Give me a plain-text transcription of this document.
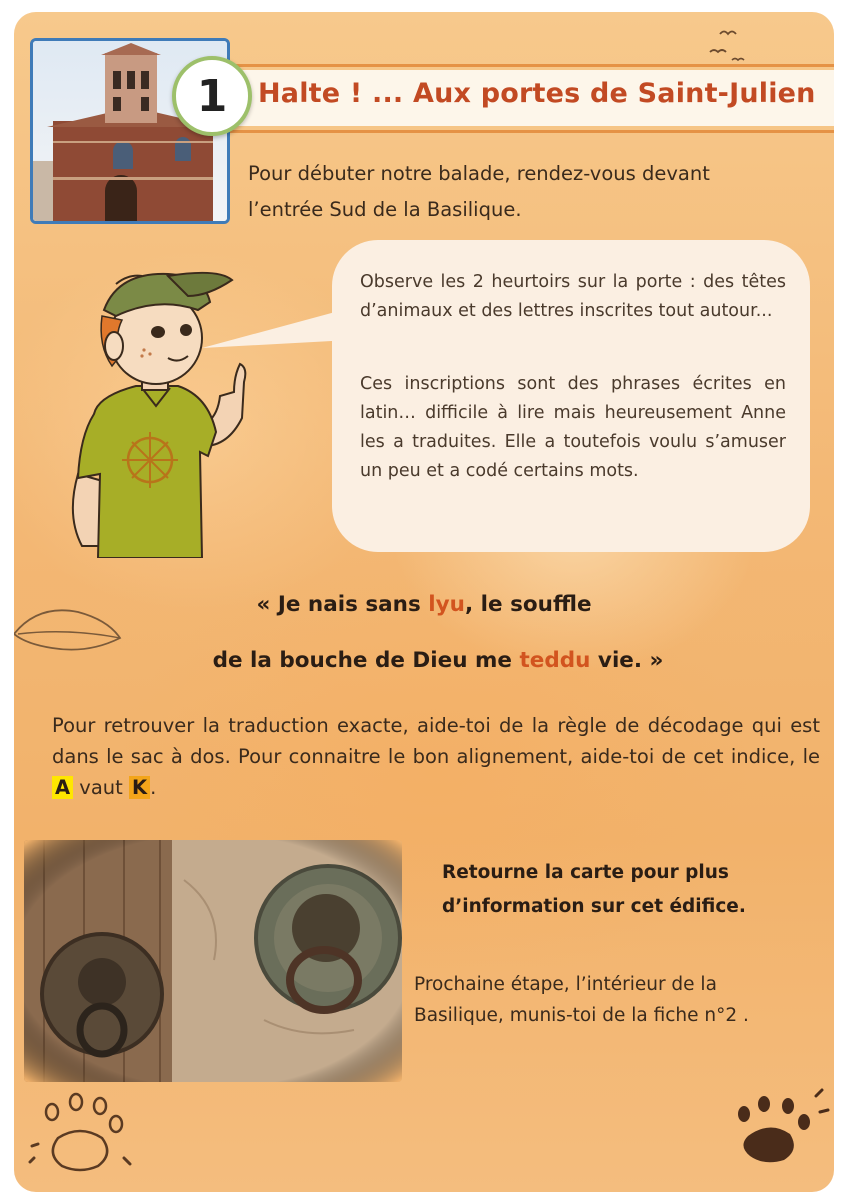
Halte ! ... Aux portes de Saint-Julien
1
Pour débuter notre balade, rendez-vous devant
l’entrée Sud de la Basilique.
Observe les 2 heurtoirs sur la porte : des têtes d’animaux et des lettres inscrites tout autour...
Ces inscriptions sont des phrases écrites en latin… difficile à lire mais heureusement Anne les a traduites. Elle a toutefois voulu s’amuser un peu et a codé certains mots.
« Je nais sans lyu, le souffle
de la bouche de Dieu me teddu vie. »
Pour retrouver la traduction exacte, aide-toi de la règle de décodage qui est dans le sac à dos. Pour connaitre le bon alignement, aide-toi de cet indice, le A vaut K .
Retourne la carte pour plus
d’information sur cet édifice.
Prochaine étape, l’intérieur de la
Basilique, munis-toi de la fiche n°2 .
